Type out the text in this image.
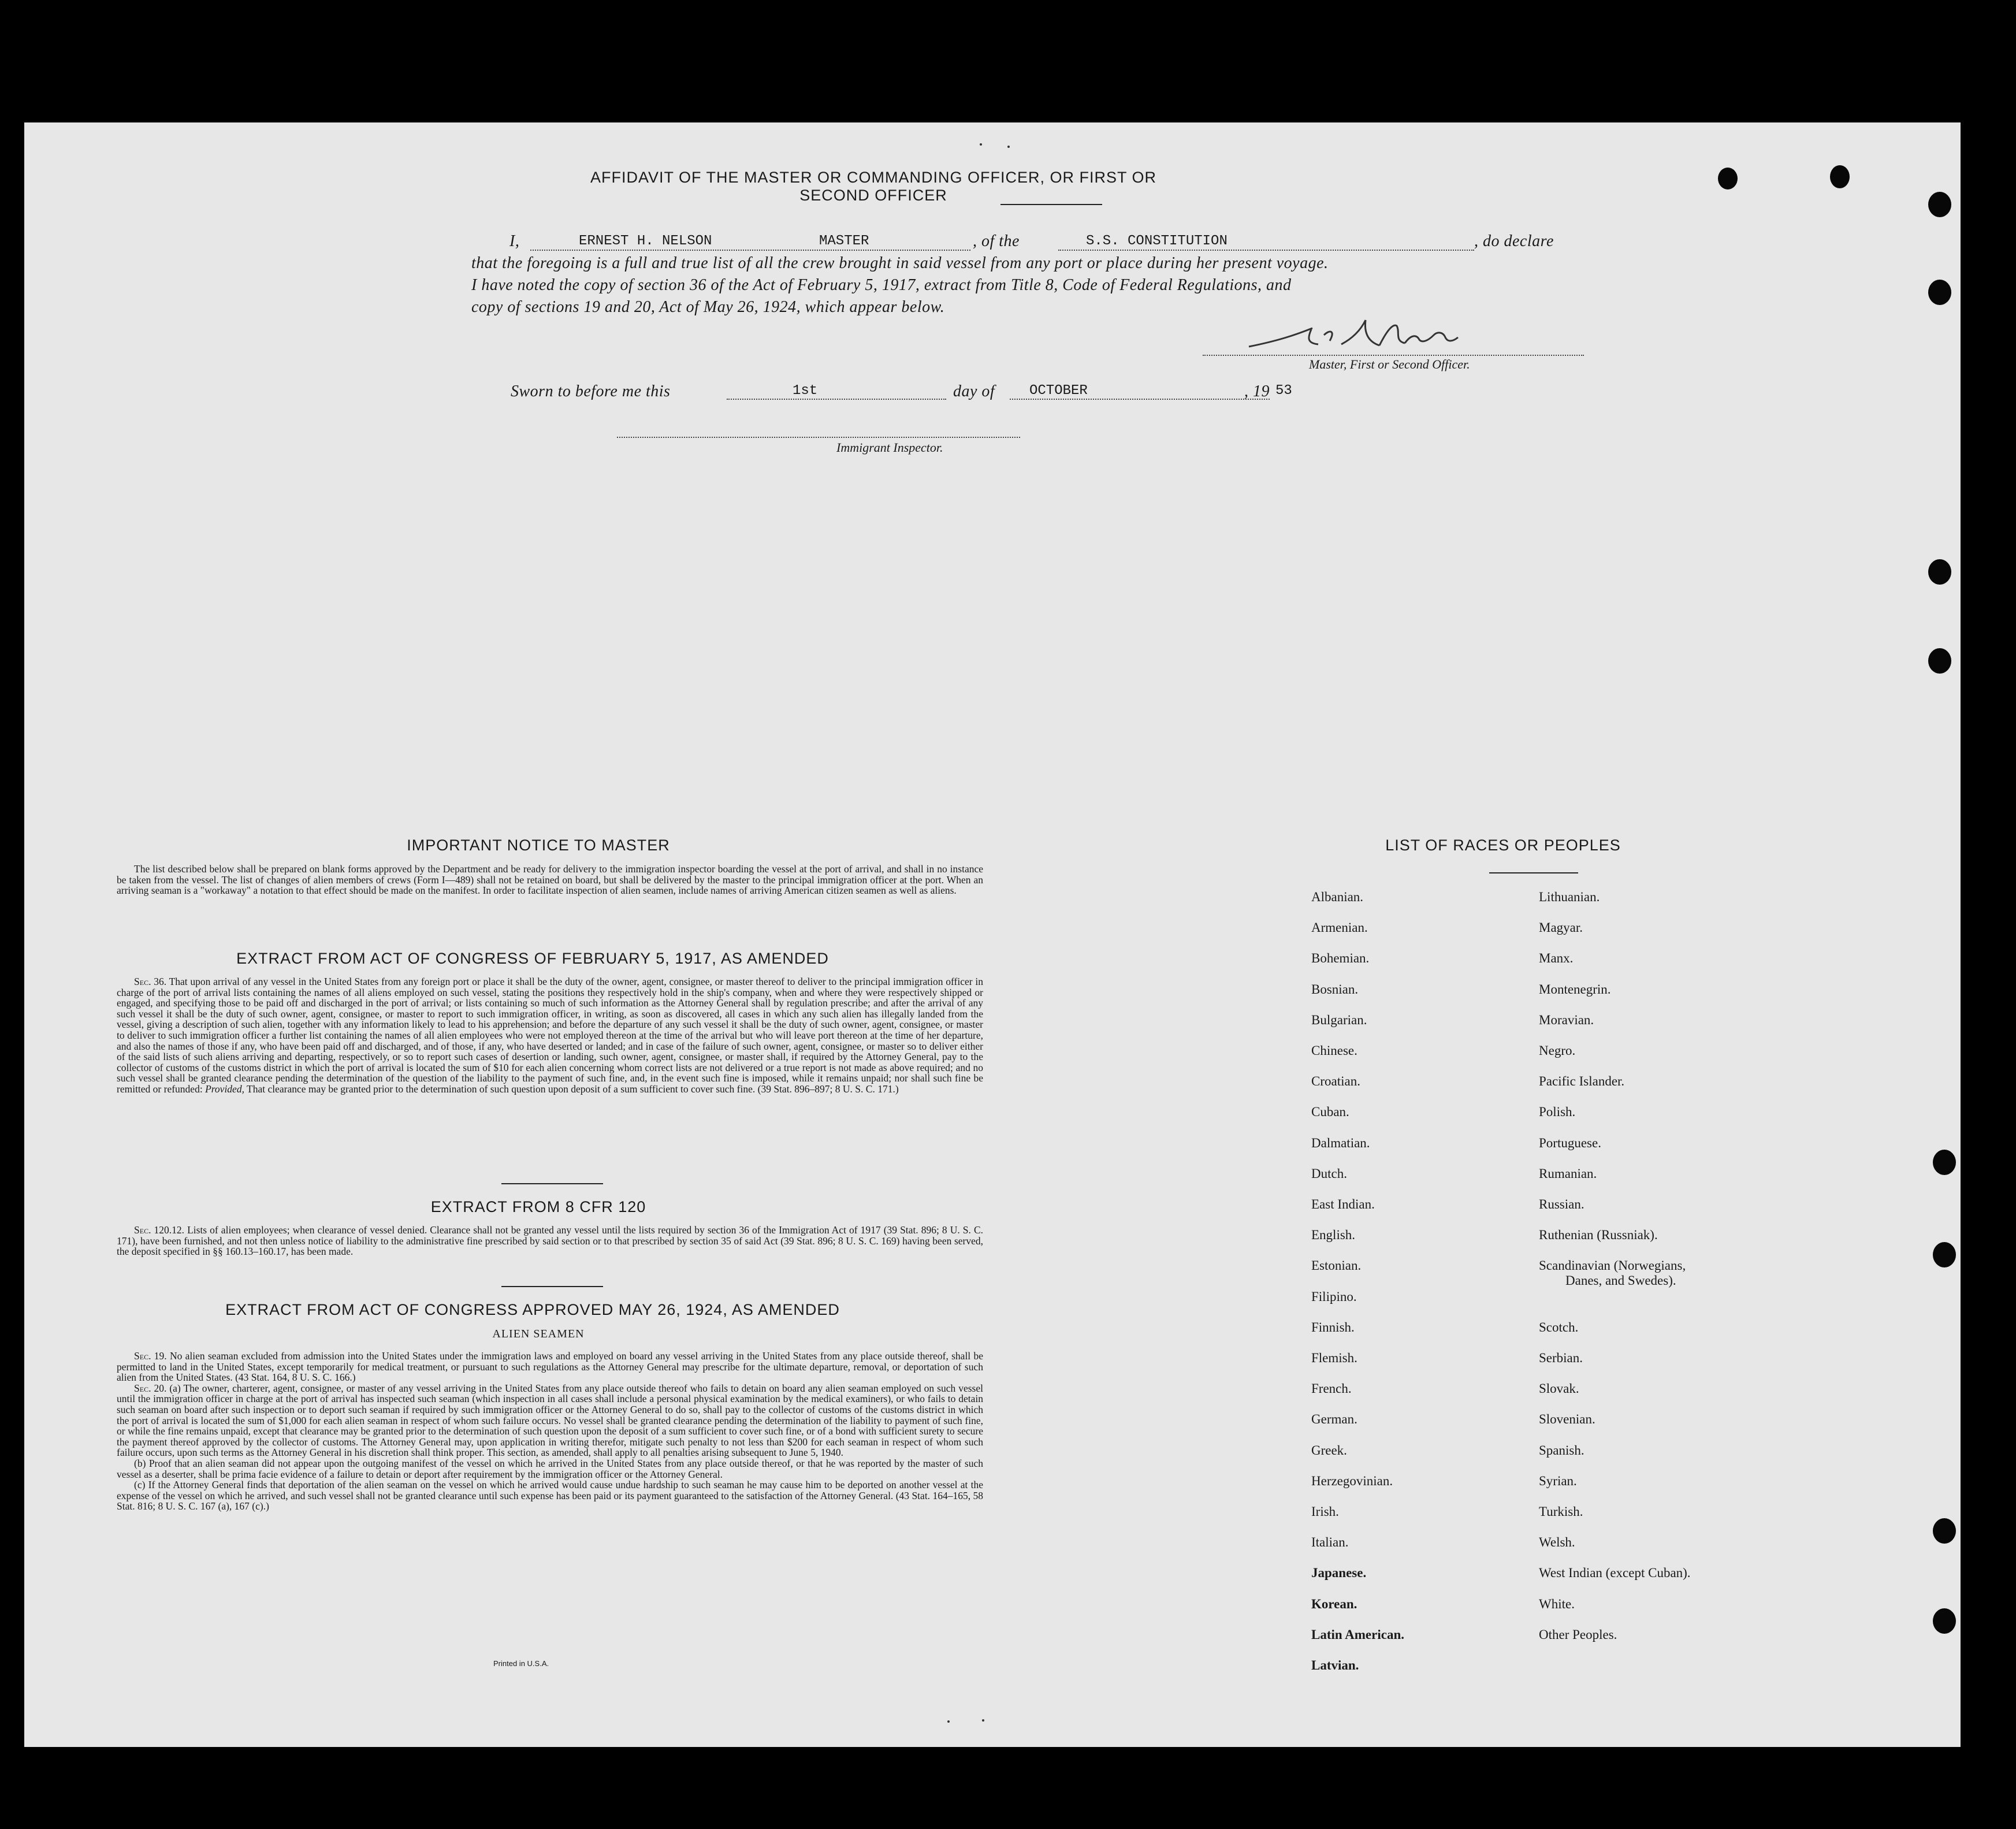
AFFIDAVIT OF THE MASTER OR COMMANDING OFFICER, OR FIRST OR SECOND OFFICER
I,	ERNEST H. NELSON	MASTER	, of the	S.S. CONSTITUTION	, do declare
that the foregoing is a full and true list of all the crew brought in said vessel from any port or place during her present voyage.
I have noted the copy of section 36 of the Act of February 5, 1917, extract from Title 8, Code of Federal Regulations, and
copy of sections 19 and 20, Act of May 26, 1924, which appear below.
Master, First or Second Officer.
Sworn to before me this	1st	day of OCTOBER	, 19 53
Immigrant Inspector.
IMPORTANT NOTICE TO MASTER

The list described below shall be prepared on blank forms approved by the Department and be ready for delivery to the immigration inspector boarding the vessel at the port of arrival, and shall in no instance be taken from the vessel. The list of changes of alien members of crews (Form I—489) shall not be retained on board, but shall be delivered by the master to the principal immigration officer at the port. When an arriving seaman is a "workaway" a notation to that effect should be made on the manifest. In order to facilitate inspection of alien seamen, include names of arriving American citizen seamen as well as aliens.

EXTRACT FROM ACT OF CONGRESS OF FEBRUARY 5, 1917, AS AMENDED

Sec. 36. That upon arrival of any vessel in the United States from any foreign port or place it shall be the duty of the owner, agent, consignee, or master thereof to deliver to the principal immigration officer in charge of the port of arrival lists containing the names of all aliens employed on such vessel, stating the positions they respectively hold in the ship's company, when and where they were respectively shipped or engaged, and specifying those to be paid off and discharged in the port of arrival; or lists containing so much of such information as the Attorney General shall by regulation prescribe; and after the arrival of any such vessel it shall be the duty of such owner, agent, consignee, or master to report to such immigration officer, in writing, as soon as discovered, all cases in which any such alien has illegally landed from the vessel, giving a description of such alien, together with any information likely to lead to his apprehension; and before the departure of any such vessel it shall be the duty of such owner, agent, consignee, or master to deliver to such immigration officer a further list containing the names of all alien employees who were not employed thereon at the time of the arrival but who will leave port thereon at the time of her departure, and also the names of those if any, who have been paid off and discharged, and of those, if any, who have deserted or landed; and in case of the failure of such owner, agent, consignee, or master so to deliver either of the said lists of such aliens arriving and departing, respectively, or so to report such cases of desertion or landing, such owner, agent, consignee, or master shall, if required by the Attorney General, pay to the collector of customs of the customs district in which the port of arrival is located the sum of $10 for each alien concerning whom correct lists are not delivered or a true report is not made as above required; and no such vessel shall be granted clearance pending the determination of the question of the liability to the payment of such fine, and, in the event such fine is imposed, while it remains unpaid; nor shall such fine be remitted or refunded: Provided, That clearance may be granted prior to the determination of such question upon deposit of a sum sufficient to cover such fine. (39 Stat. 896–897; 8 U. S. C. 171.)

EXTRACT FROM 8 CFR 120

Sec. 120.12. Lists of alien employees; when clearance of vessel denied. Clearance shall not be granted any vessel until the lists required by section 36 of the Immigration Act of 1917 (39 Stat. 896; 8 U. S. C. 171), have been furnished, and not then unless notice of liability to the administrative fine prescribed by said section or to that prescribed by section 35 of said Act (39 Stat. 896; 8 U. S. C. 169) having been served, the deposit specified in §§ 160.13–160.17, has been made.

EXTRACT FROM ACT OF CONGRESS APPROVED MAY 26, 1924, AS AMENDED
ALIEN SEAMEN

Sec. 19. No alien seaman excluded from admission into the United States under the immigration laws and employed on board any vessel arriving in the United States from any place outside thereof, shall be permitted to land in the United States, except temporarily for medical treatment, or pursuant to such regulations as the Attorney General may prescribe for the ultimate departure, removal, or deportation of such alien from the United States. (43 Stat. 164, 8 U. S. C. 166.)

Sec. 20. (a) The owner, charterer, agent, consignee, or master of any vessel arriving in the United States from any place outside thereof who fails to detain on board any alien seaman employed on such vessel until the immigration officer in charge at the port of arrival has inspected such seaman (which inspection in all cases shall include a personal physical examination by the medical examiners), or who fails to detain such seaman on board after such inspection or to deport such seaman if required by such immigration officer or the Attorney General to do so, shall pay to the collector of customs of the customs district in which the port of arrival is located the sum of $1,000 for each alien seaman in respect of whom such failure occurs. No vessel shall be granted clearance pending the determination of the liability to payment of such fine, or while the fine remains unpaid, except that clearance may be granted prior to the determination of such question upon the deposit of a sum sufficient to cover such fine, or of a bond with sufficient surety to secure the payment thereof approved by the collector of customs. The Attorney General may, upon application in writing therefor, mitigate such penalty to not less than $200 for each seaman in respect of whom such failure occurs, upon such terms as the Attorney General in his discretion shall think proper. This section, as amended, shall apply to all penalties arising subsequent to June 5, 1940.

(b) Proof that an alien seaman did not appear upon the outgoing manifest of the vessel on which he arrived in the United States from any place outside thereof, or that he was reported by the master of such vessel as a deserter, shall be prima facie evidence of a failure to detain or deport after requirement by the immigration officer or the Attorney General.

(c) If the Attorney General finds that deportation of the alien seaman on the vessel on which he arrived would cause undue hardship to such seaman he may cause him to be deported on another vessel at the expense of the vessel on which he arrived, and such vessel shall not be granted clearance until such expense has been paid or its payment guaranteed to the satisfaction of the Attorney General. (43 Stat. 164–165, 58 Stat. 816; 8 U. S. C. 167 (a), 167 (c).)

Printed in U.S.A.
LIST OF RACES OR PEOPLES
Albanian.
Armenian.
Bohemian.
Bosnian.
Bulgarian.
Chinese.
Croatian.
Cuban.
Dalmatian.
Dutch.
East Indian.
English.
Estonian.
Filipino.
Finnish.
Flemish.
French.
German.
Greek.
Herzegovinian.
Irish.
Italian.
Japanese.
Korean.
Latin American.
Latvian.
Lithuanian.
Magyar.
Manx.
Montenegrin.
Moravian.
Negro.
Pacific Islander.
Polish.
Portuguese.
Rumanian.
Russian.
Ruthenian (Russniak).
Scandinavian (Norwegians,
Danes, and Swedes).
Scotch.
Serbian.
Slovak.
Slovenian.
Spanish.
Syrian.
Turkish.
Welsh.
West Indian (except Cuban).
White.
Other Peoples.
